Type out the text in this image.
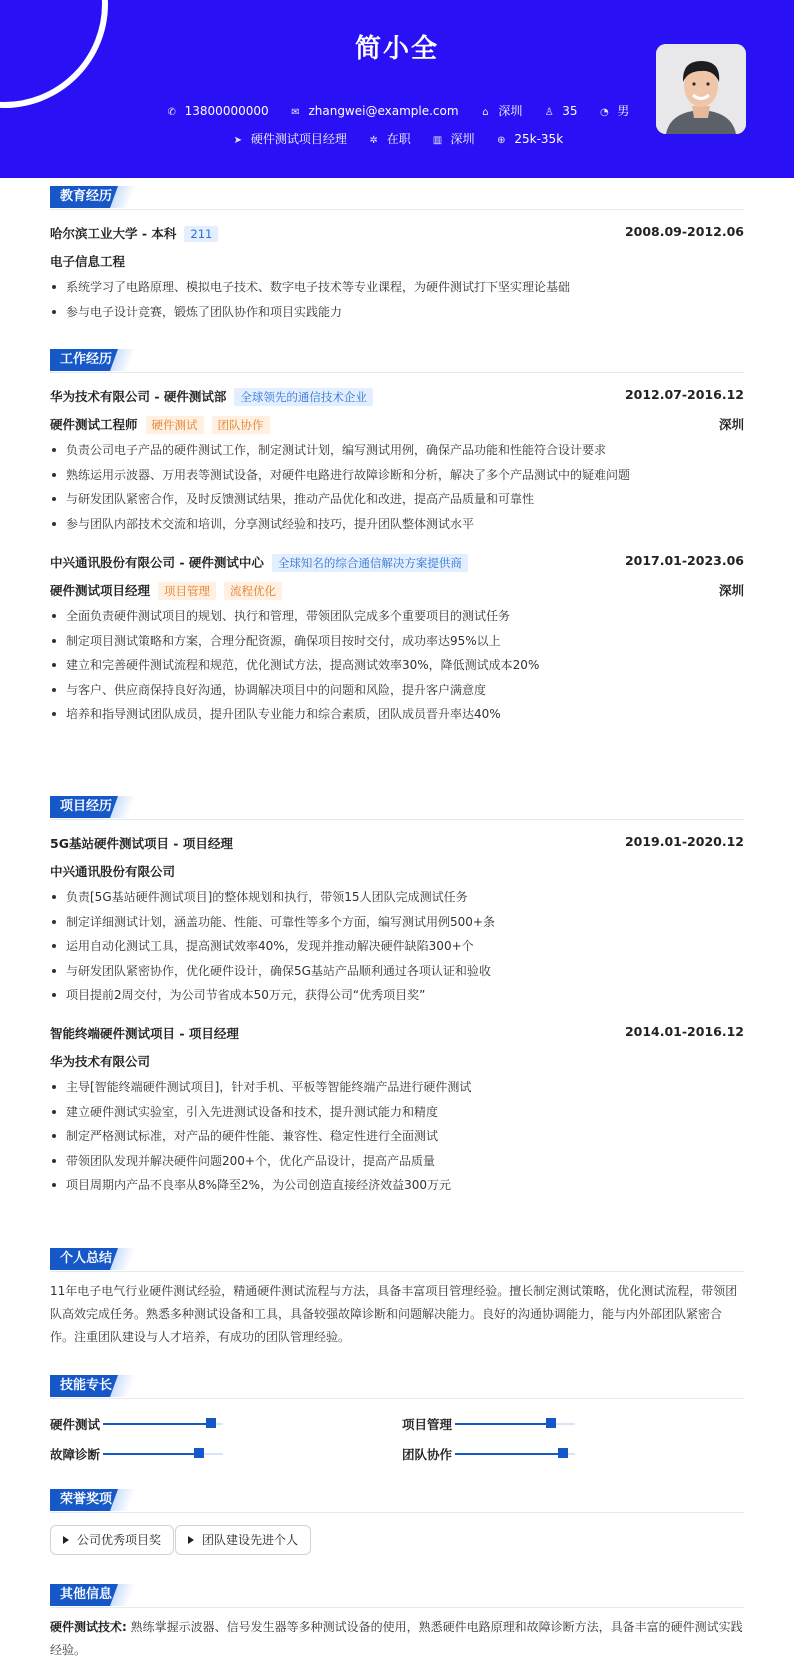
简小全
✆ 13800000000 ✉ zhangwei@example.com ⌂ 深圳 ♙ 35 ◔ 男
➤ 硬件测试项目经理 ✲ 在职 ▥ 深圳 ⊕ 25k-35k
教育经历
哈尔滨工业大学 - 本科 211	2008.09-2012.06
电子信息工程
系统学习了电路原理、模拟电子技术、数字电子技术等专业课程，为硬件测试打下坚实理论基础
参与电子设计竞赛，锻炼了团队协作和项目实践能力
工作经历
华为技术有限公司 - 硬件测试部 全球领先的通信技术企业	2012.07-2016.12
硬件测试工程师 硬件测试 团队协作	深圳
负责公司电子产品的硬件测试工作，制定测试计划，编写测试用例，确保产品功能和性能符合设计要求
熟练运用示波器、万用表等测试设备，对硬件电路进行故障诊断和分析，解决了多个产品测试中的疑难问题
与研发团队紧密合作，及时反馈测试结果，推动产品优化和改进，提高产品质量和可靠性
参与团队内部技术交流和培训，分享测试经验和技巧，提升团队整体测试水平
中兴通讯股份有限公司 - 硬件测试中心 全球知名的综合通信解决方案提供商	2017.01-2023.06
硬件测试项目经理 项目管理 流程优化	深圳
全面负责硬件测试项目的规划、执行和管理，带领团队完成多个重要项目的测试任务
制定项目测试策略和方案，合理分配资源，确保项目按时交付，成功率达95%以上
建立和完善硬件测试流程和规范，优化测试方法，提高测试效率30%，降低测试成本20%
与客户、供应商保持良好沟通，协调解决项目中的问题和风险，提升客户满意度
培养和指导测试团队成员，提升团队专业能力和综合素质，团队成员晋升率达40%
项目经历
5G基站硬件测试项目 - 项目经理	2019.01-2020.12
中兴通讯股份有限公司
负责[5G基站硬件测试项目]的整体规划和执行，带领15人团队完成测试任务
制定详细测试计划，涵盖功能、性能、可靠性等多个方面，编写测试用例500+条
运用自动化测试工具，提高测试效率40%，发现并推动解决硬件缺陷300+个
与研发团队紧密协作，优化硬件设计，确保5G基站产品顺利通过各项认证和验收
项目提前2周交付，为公司节省成本50万元，获得公司“优秀项目奖”
智能终端硬件测试项目 - 项目经理	2014.01-2016.12
华为技术有限公司
主导[智能终端硬件测试项目]，针对手机、平板等智能终端产品进行硬件测试
建立硬件测试实验室，引入先进测试设备和技术，提升测试能力和精度
制定严格测试标准，对产品的硬件性能、兼容性、稳定性进行全面测试
带领团队发现并解决硬件问题200+个，优化产品设计，提高产品质量
项目周期内产品不良率从8%降至2%，为公司创造直接经济效益300万元
个人总结
11年电子电气行业硬件测试经验，精通硬件测试流程与方法，具备丰富项目管理经验。擅长制定测试策略，优化测试流程，带领团队高效完成任务。熟悉多种测试设备和工具，具备较强故障诊断和问题解决能力。良好的沟通协调能力，能与内外部团队紧密合作。注重团队建设与人才培养，有成功的团队管理经验。
技能专长
硬件测试	项目管理
故障诊断	团队协作
荣誉奖项
公司优秀项目奖	团队建设先进个人
其他信息
硬件测试技术: 熟练掌握示波器、信号发生器等多种测试设备的使用，熟悉硬件电路原理和故障诊断方法，具备丰富的硬件测试实践经验。
